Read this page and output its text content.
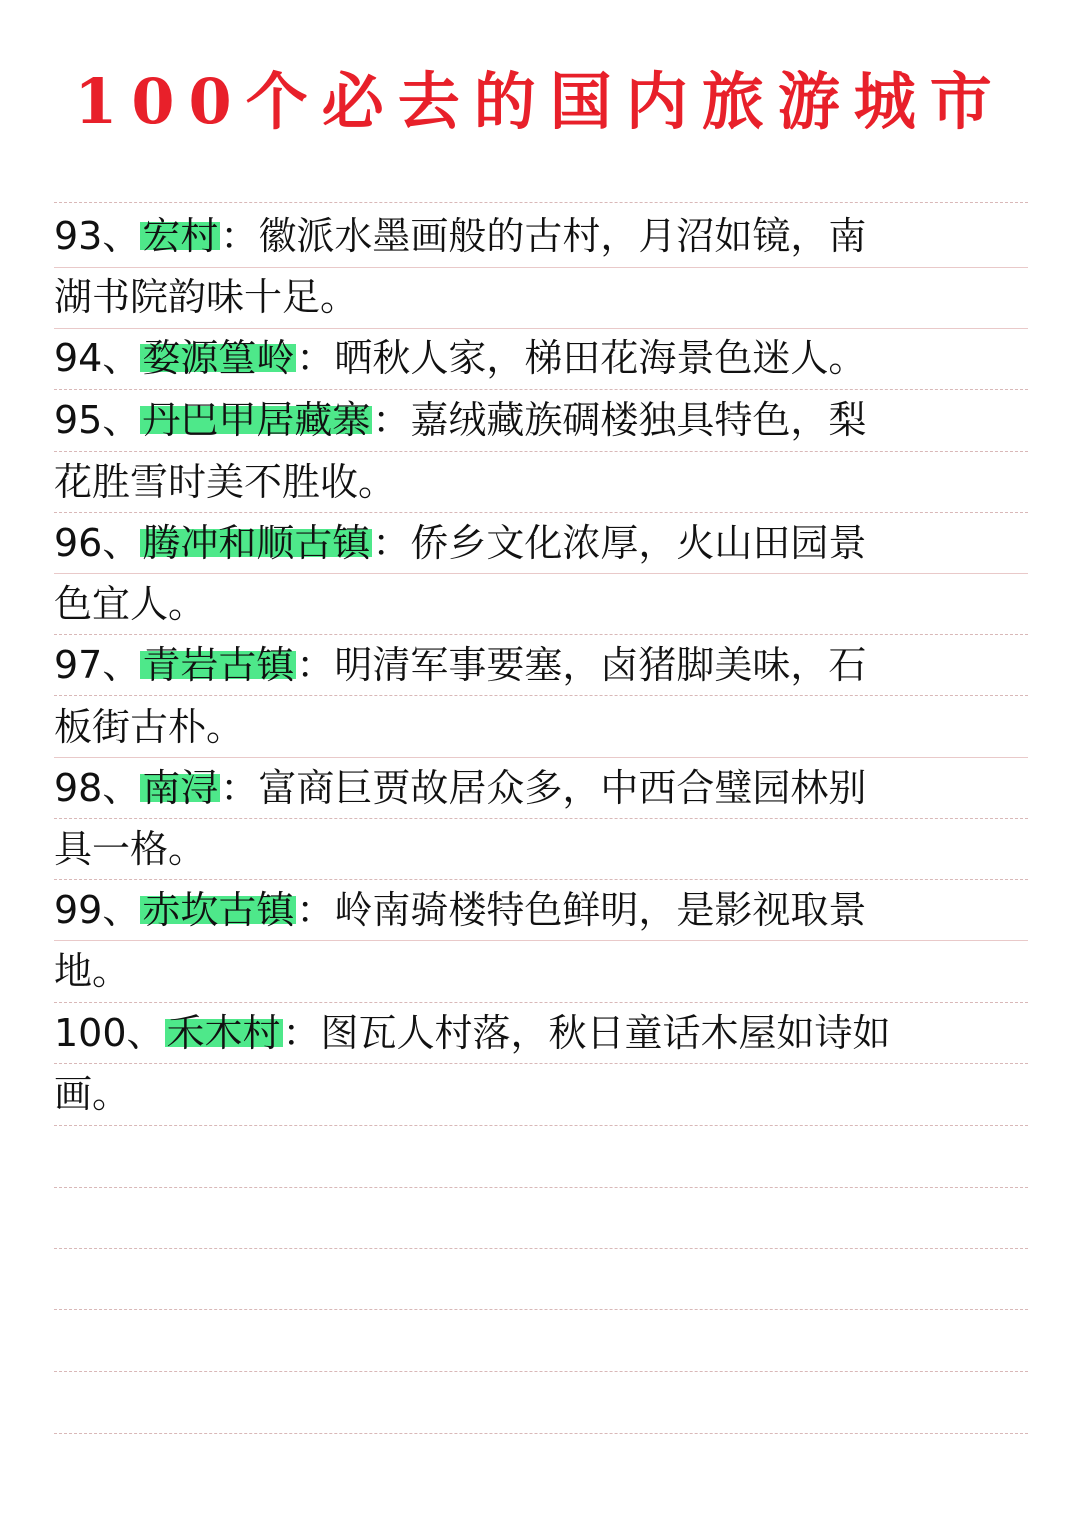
100个必去的国内旅游城市
93、宏村：徽派水墨画般的古村，月沼如镜，南
湖书院韵味十足。
94、婺源篁岭：晒秋人家，梯田花海景色迷人。
95、丹巴甲居藏寨：嘉绒藏族碉楼独具特色，梨
花胜雪时美不胜收。
96、腾冲和顺古镇：侨乡文化浓厚，火山田园景
色宜人。
97、青岩古镇：明清军事要塞，卤猪脚美味，石
板街古朴。
98、南浔：富商巨贾故居众多，中西合璧园林别
具一格。
99、赤坎古镇：岭南骑楼特色鲜明，是影视取景
地。
100、禾木村：图瓦人村落，秋日童话木屋如诗如
画。
